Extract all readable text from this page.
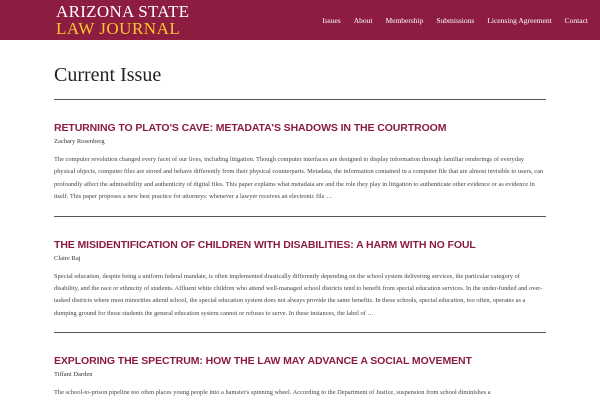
ARIZONA STATE
LAW JOURNAL	Issues About Membership Submissions Licensing Agreement Contact
Current Issue
RETURNING TO PLATO'S CAVE: METADATA'S SHADOWS IN THE COURTROOM
Zachary Rosenberg
The computer revolution changed every facet of our lives, including litigation. Though computer interfaces are designed to display information through familiar renderings of everyday physical objects, computer files are stored and behave differently from their physical counterparts. Metadata, the information contained in a computer file that are almost invisible to users, can profoundly affect the admissibility and authenticity of digital files. This paper explains what metadata are and the role they play in litigation to authenticate other evidence or as evidence in itself. This paper proposes a new best practice for attorneys: whenever a lawyer receives an electronic file …
THE MISIDENTIFICATION OF CHILDREN WITH DISABILITIES: A HARM WITH NO FOUL
Claire Raj
Special education, despite being a uniform federal mandate, is often implemented drastically differently depending on the school system delivering services, the particular category of disability, and the race or ethnicity of students. Affluent white children who attend well-managed school districts tend to benefit from special education services. In the under-funded and over-tasked districts where most minorities attend school, the special education system does not always provide the same benefits. In these schools, special education, too often, operates as a dumping ground for those students the general education system cannot or refuses to serve. In these instances, the label of …
EXPLORING THE SPECTRUM: HOW THE LAW MAY ADVANCE A SOCIAL MOVEMENT
Tiffani Darden
The school-to-prison pipeline too often places young people into a hamster's spinning wheel. According to the Department of Justice, suspension from school diminishes a
